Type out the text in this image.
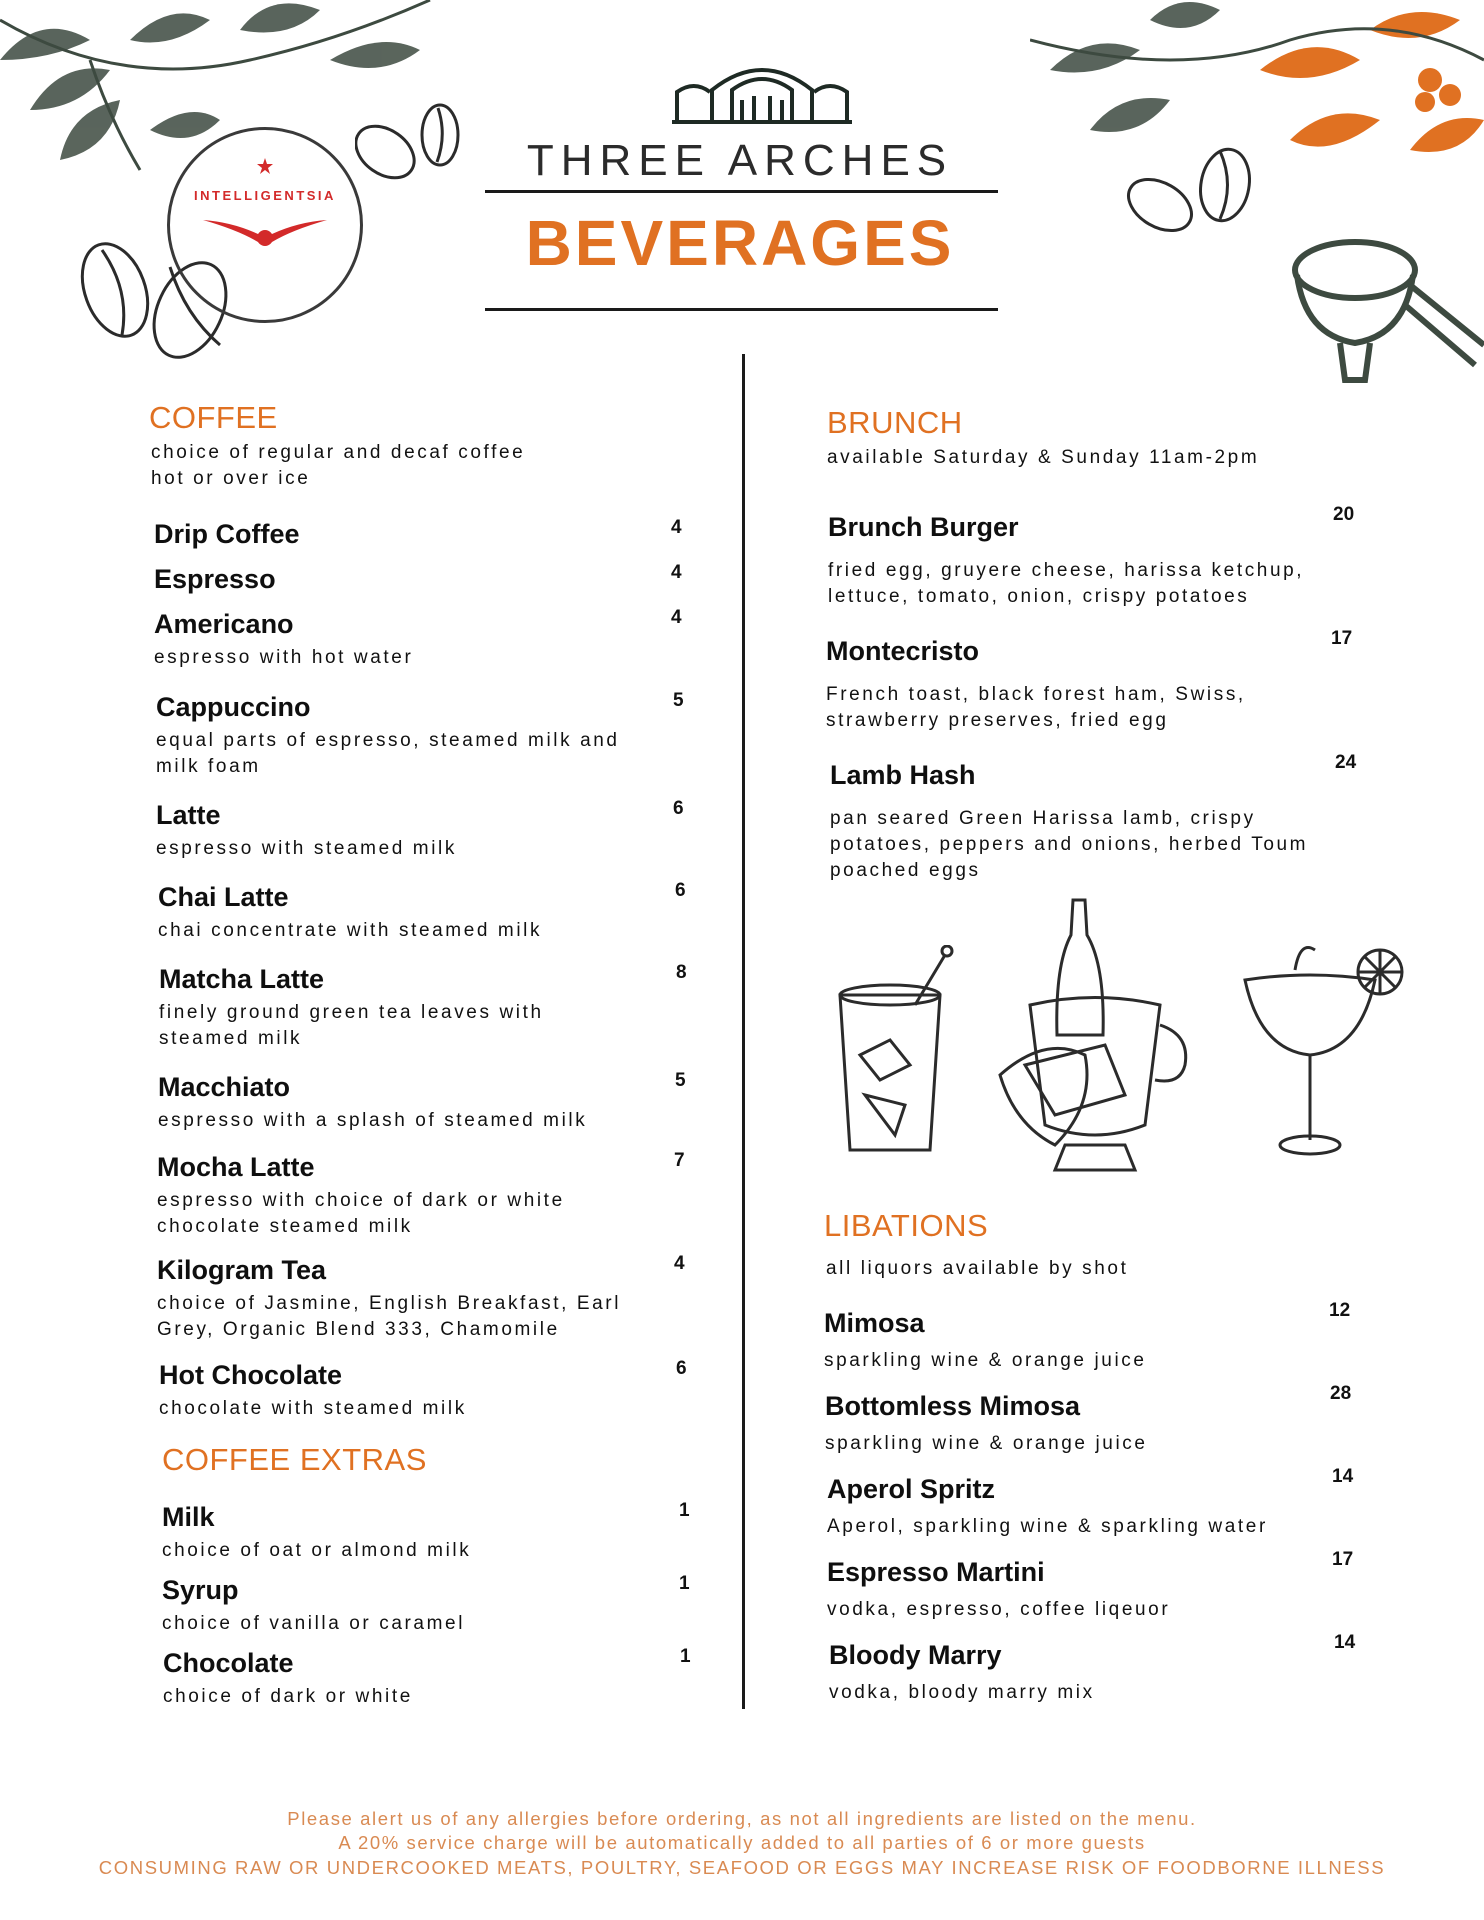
INTELLIGENTSIA
THREE ARCHES
BEVERAGES
COFFEE
choice of regular and decaf coffee
hot or over ice
Drip Coffee	4
Espresso	4
Americano	4
espresso with hot water
Cappuccino	5
equal parts of espresso, steamed milk and
milk foam
Latte	6
espresso with steamed milk
Chai Latte	6
chai concentrate with steamed milk
Matcha Latte	8
finely ground green tea leaves with
steamed milk
Macchiato	5
espresso with a splash of steamed milk
Mocha Latte	7
espresso with choice of dark or white
chocolate steamed milk
Kilogram Tea	4
choice of Jasmine, English Breakfast, Earl
Grey, Organic Blend 333, Chamomile
Hot Chocolate	6
chocolate with steamed milk
COFFEE EXTRAS
Milk	1
choice of oat or almond milk
Syrup	1
choice of vanilla or caramel
Chocolate	1
choice of dark or white
BRUNCH
available Saturday & Sunday 11am-2pm
Brunch Burger	20
fried egg, gruyere cheese, harissa ketchup,
lettuce, tomato, onion, crispy potatoes
Montecristo	17
French toast, black forest ham, Swiss,
strawberry preserves, fried egg
Lamb Hash	24
pan seared Green Harissa lamb, crispy
potatoes, peppers and onions, herbed Toum
poached eggs
LIBATIONS
all liquors available by shot
Mimosa	12
sparkling wine & orange juice
Bottomless Mimosa	28
sparkling wine & orange juice
Aperol Spritz	14
Aperol, sparkling wine & sparkling water
Espresso Martini	17
vodka, espresso, coffee liqeuor
Bloody Marry	14
vodka, bloody marry mix
Please alert us of any allergies before ordering, as not all ingredients are listed on the menu.
A 20% service charge will be automatically added to all parties of 6 or more guests
CONSUMING RAW OR UNDERCOOKED MEATS, POULTRY, SEAFOOD OR EGGS MAY INCREASE RISK OF FOODBORNE ILLNESS
